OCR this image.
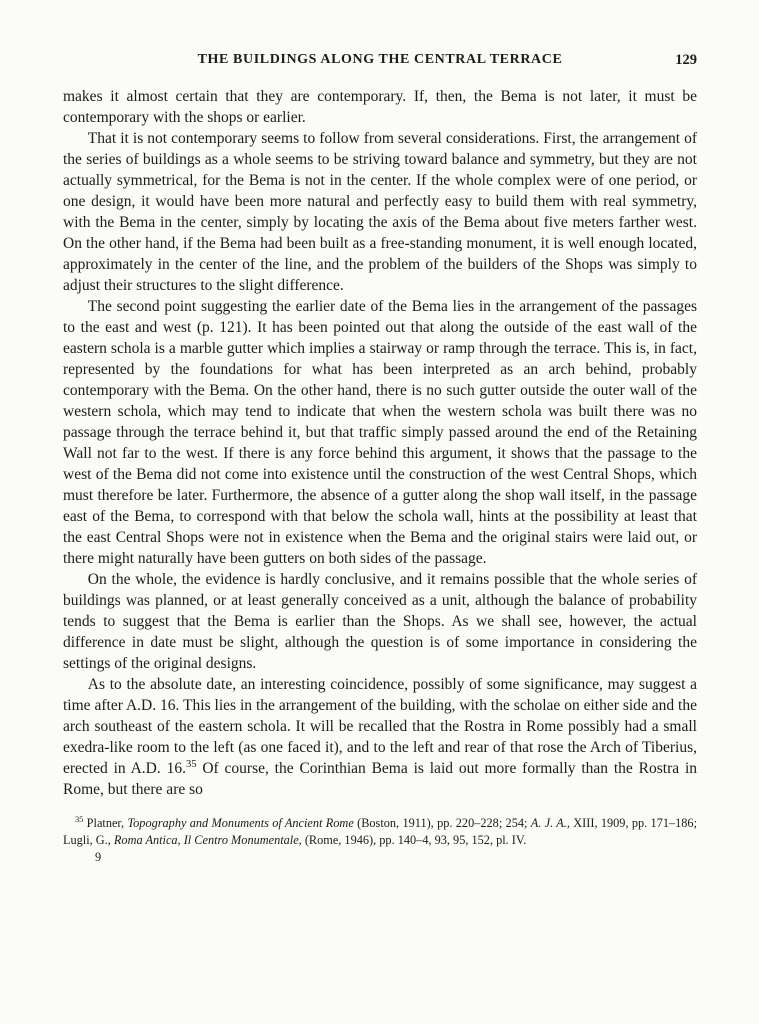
THE BUILDINGS ALONG THE CENTRAL TERRACE	129

makes it almost certain that they are contemporary. If, then, the Bema is not later, it must be contemporary with the shops or earlier.

That it is not contemporary seems to follow from several considerations. First, the arrangement of the series of buildings as a whole seems to be striving toward balance and symmetry, but they are not actually symmetrical, for the Bema is not in the center. If the whole complex were of one period, or one design, it would have been more natural and perfectly easy to build them with real symmetry, with the Bema in the center, simply by locating the axis of the Bema about five meters farther west. On the other hand, if the Bema had been built as a free-standing monument, it is well enough located, approximately in the center of the line, and the problem of the builders of the Shops was simply to adjust their structures to the slight difference.

The second point suggesting the earlier date of the Bema lies in the arrangement of the passages to the east and west (p. 121). It has been pointed out that along the outside of the east wall of the eastern schola is a marble gutter which implies a stairway or ramp through the terrace. This is, in fact, represented by the foundations for what has been interpreted as an arch behind, probably contemporary with the Bema. On the other hand, there is no such gutter outside the outer wall of the western schola, which may tend to indicate that when the western schola was built there was no passage through the terrace behind it, but that traffic simply passed around the end of the Retaining Wall not far to the west. If there is any force behind this argument, it shows that the passage to the west of the Bema did not come into existence until the construction of the west Central Shops, which must therefore be later. Furthermore, the absence of a gutter along the shop wall itself, in the passage east of the Bema, to correspond with that below the schola wall, hints at the possibility at least that the east Central Shops were not in existence when the Bema and the original stairs were laid out, or there might naturally have been gutters on both sides of the passage.

On the whole, the evidence is hardly conclusive, and it remains possible that the whole series of buildings was planned, or at least generally conceived as a unit, although the balance of probability tends to suggest that the Bema is earlier than the Shops. As we shall see, however, the actual difference in date must be slight, although the question is of some importance in considering the settings of the original designs.

As to the absolute date, an interesting coincidence, possibly of some significance, may suggest a time after A.D. 16. This lies in the arrangement of the building, with the scholae on either side and the arch southeast of the eastern schola. It will be recalled that the Rostra in Rome possibly had a small exedra-like room to the left (as one faced it), and to the left and rear of that rose the Arch of Tiberius, erected in A.D. 16.35 Of course, the Corinthian Bema is laid out more formally than the Rostra in Rome, but there are so

$^{35}$ Platner, Topography and Monuments of Ancient Rome (Boston, 1911), pp. 220–228; 254; A. J. A., XIII, 1909, pp. 171–186; Lugli, G., Roma Antica, Il Centro Monumentale, (Rome, 1946), pp. 140–4, 93, 95, 152, pl. IV.
9
